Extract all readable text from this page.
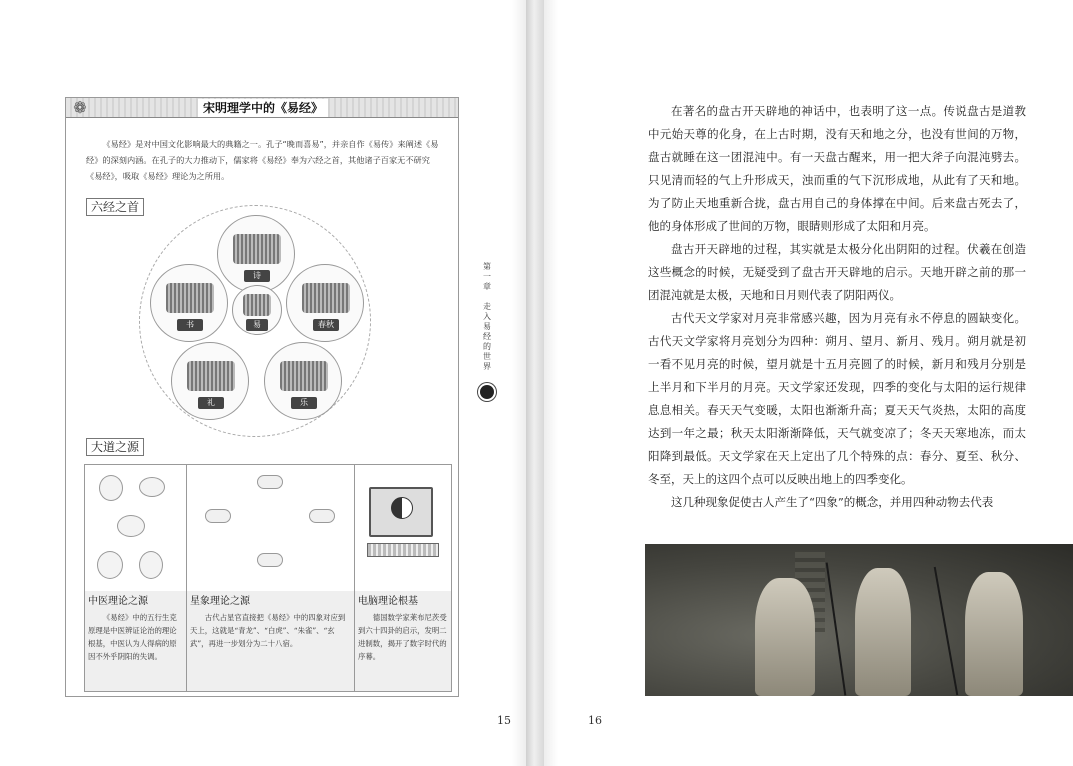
❁	宋明理学中的《易经》

《易经》是对中国文化影响最大的典籍之一。孔子“晚而喜易”，并亲自作《易传》来阐述《易经》的深刻内涵。在孔子的大力推动下，儒家将《易经》奉为六经之首，其他诸子百家无不研究《易经》，吸取《易经》理论为之所用。

六经之首
诗
书	春秋
易
礼	乐
大道之源
中医理论之源

《易经》中的五行生克原理是中医辨证论治的理论根基，中医认为人得病的原因不外乎阴阳的失调。

星象理论之源

古代占星官直接把《易经》中的四象对应到天上，这就是“青龙”、“白虎”、“朱雀”、“玄武”，再进一步划分为二十八宿。

电脑理论根基

德国数学家莱布尼茨受到六十四卦的启示，发明二进制数，揭开了数字时代的序幕。

第
一
章
走
入
易
经
的
世
界
15

在著名的盘古开天辟地的神话中，也表明了这一点。传说盘古是道教中元始天尊的化身，在上古时期，没有天和地之分，也没有世间的万物，盘古就睡在这一团混沌中。有一天盘古醒来，用一把大斧子向混沌劈去。只见清而轻的气上升形成天，浊而重的气下沉形成地，从此有了天和地。为了防止天地重新合拢，盘古用自己的身体撑在中间。后来盘古死去了，他的身体形成了世间的万物，眼睛则形成了太阳和月亮。

盘古开天辟地的过程，其实就是太极分化出阴阳的过程。伏羲在创造这些概念的时候，无疑受到了盘古开天辟地的启示。天地开辟之前的那一团混沌就是太极，天地和日月则代表了阴阳两仪。

古代天文学家对月亮非常感兴趣，因为月亮有永不停息的圆缺变化。古代天文学家将月亮划分为四种：朔月、望月、新月、残月。朔月就是初一看不见月亮的时候，望月就是十五月亮圆了的时候，新月和残月分别是上半月和下半月的月亮。天文学家还发现，四季的变化与太阳的运行规律息息相关。春天天气变暖，太阳也渐渐升高；夏天天气炎热，太阳的高度达到一年之最；秋天太阳渐渐降低，天气就变凉了；冬天天寒地冻，而太阳降到最低。天文学家在天上定出了几个特殊的点：春分、夏至、秋分、冬至，天上的这四个点可以反映出地上的四季变化。

这几种现象促使古人产生了“四象”的概念，并用四种动物去代表

16
